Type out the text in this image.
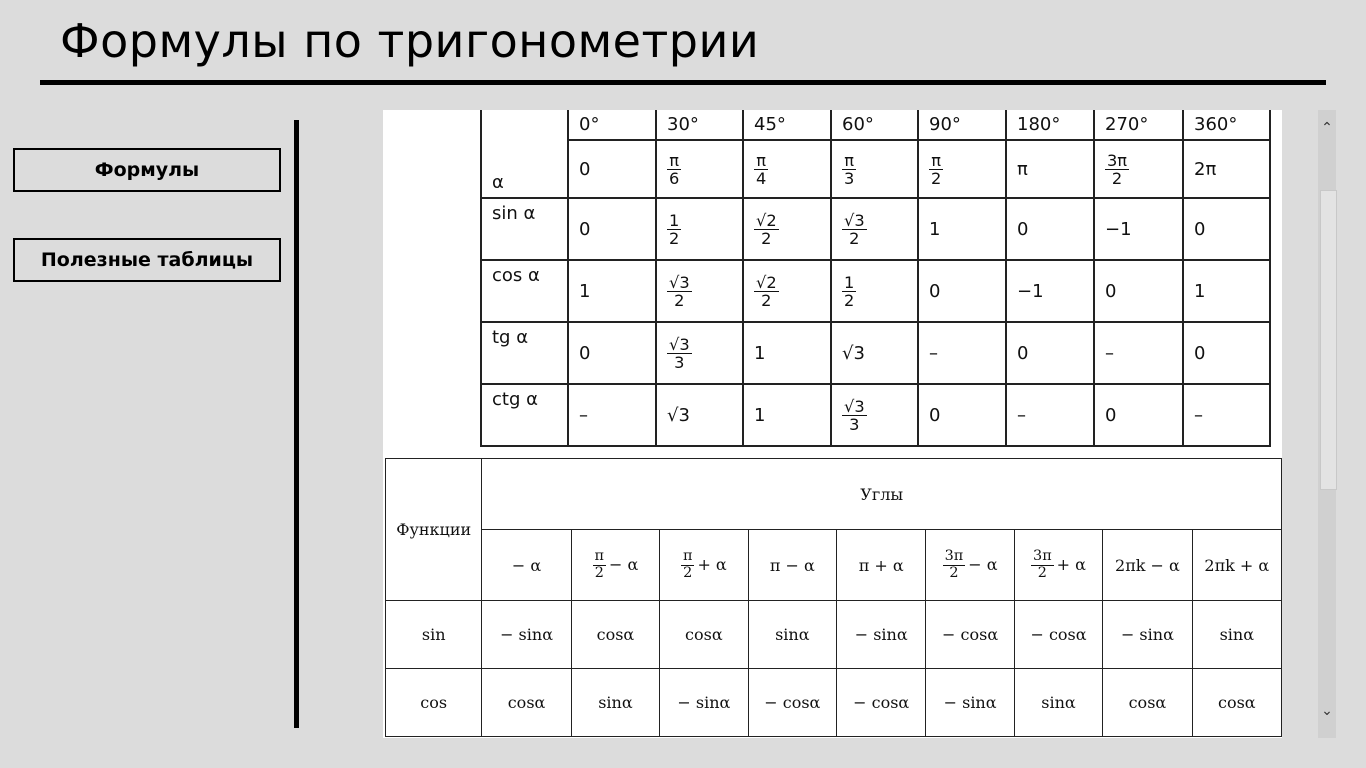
Формулы по тригонометрии
Формулы
Полезные таблицы
α	0°	30°	45°	60°	90°	180°	270°	360°
	0	$\frac{\pi}{6}$	$\frac{\pi}{4}$	$\frac{\pi}{3}$	$\frac{\pi}{2}$	π	$\frac{3\pi}{2}$	2π
sin α	0	$\frac{1}{2}$	$\frac{√2}{2}$	$\frac{√3}{2}$	1	0	−1	0
cos α	1	$\frac{√3}{2}$	$\frac{√2}{2}$	$\frac{1}{2}$	0	−1	0	1
tg α	0	$\frac{√3}{3}$	1	√3	–	0	–	0
ctg α	–	√3	1	$\frac{√3}{3}$	0	–	0	–
Функции	Углы								
	− α	$\frac{\pi}{2} - \alpha$	$\frac{\pi}{2} + \alpha$	π − α	π + α	$\frac{3\pi}{2} - \alpha$	$\frac{3\pi}{2} + \alpha$	2πk − α	2πk + α
sin	− sinα	cosα	cosα	sinα	− sinα	− cosα	− cosα	− sinα	sinα
cos	cosα	sinα	− sinα	− cosα	− cosα	− sinα	sinα	cosα	cosα
⌃
⌄
